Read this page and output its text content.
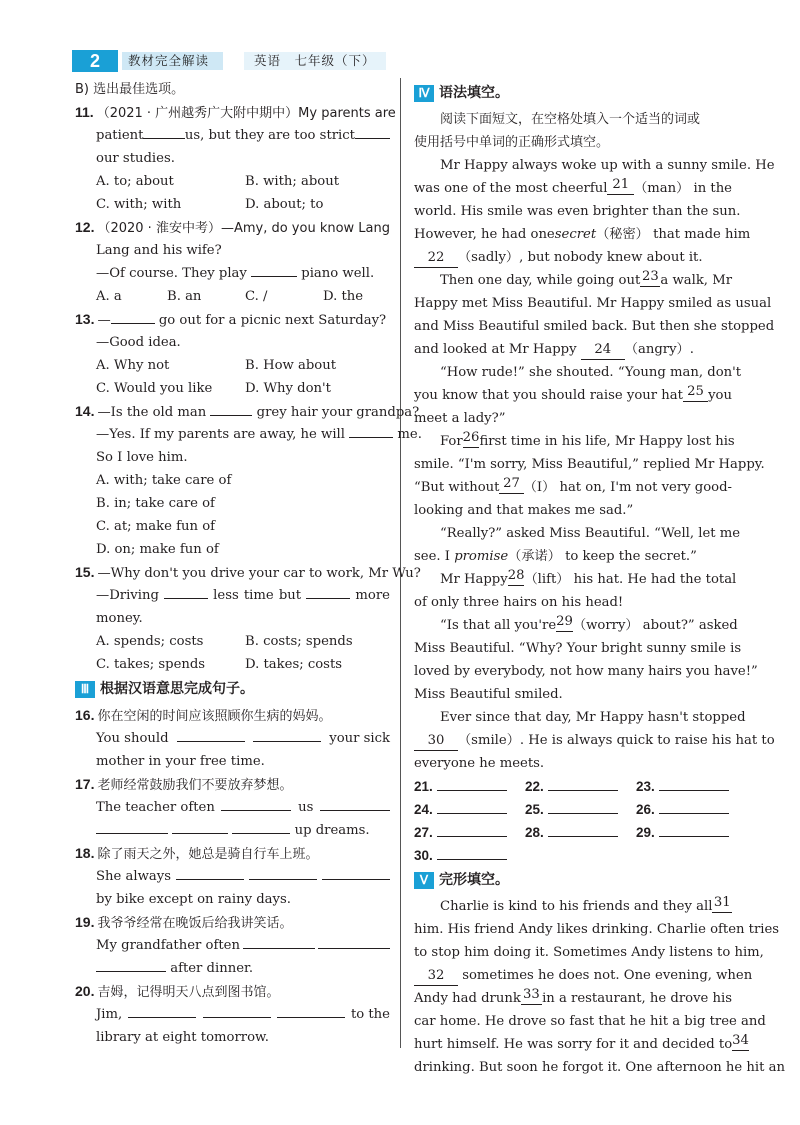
2	教材完全解读	英语　七年级（下）
B) 选出最佳选项。
11. （2021 · 广州越秀广大附中期中）My parents are
patient	us, but they are too strict
our studies.
A. to; about	B. with; about
C. with; with	D. about; to
12. （2020 · 淮安中考）—Amy, do you know Lang
Lang and his wife?
—Of course. They play	piano well.
A. a	B. an	C. /	D. the
13. —	go out for a picnic next Saturday?
—Good idea.
A. Why not	B. How about
C. Would you like D. Why don't
14. —Is the old man	grey hair your grandpa?
—Yes. If my parents are away, he will	me.
So I love him.
A. with; take care of
B. in; take care of
C. at; make fun of
D. on; make fun of
15. —Why don't you drive your car to work, Mr Wu?
—Driving	less time but	more
money.
A. spends; costs	B. costs; spends
C. takes; spends	D. takes; costs
Ⅲ 根据汉语意思完成句子。
16. 你在空闲的时间应该照顾你生病的妈妈。
You should	your sick
mother in your free time.
17. 老师经常鼓励我们不要放弃梦想。
The teacher often	us
up dreams.
18. 除了雨天之外，她总是骑自行车上班。
She always
by bike except on rainy days.
19. 我爷爷经常在晚饭后给我讲笑话。
My grandfather often
after dinner.
20. 吉姆，记得明天八点到图书馆。
Jim,	to the
library at eight tomorrow.
Ⅳ 语法填空。
阅读下面短文，在空格处填入一个适当的词或
使用括号中单词的正确形式填空。
Mr Happy always woke up with a sunny smile. He
was one of the most cheerful 21 （man） in the
world. His smile was even brighter than the sun.
However, he had one secret（秘密） that made him
22 （sadly）, but nobody knew about it.
Then one day, while going out 23 a walk, Mr
Happy met Miss Beautiful. Mr Happy smiled as usual
and Miss Beautiful smiled back. But then she stopped
and looked at Mr Happy 24 （angry）.
“How rude!” she shouted. “Young man, don't
you know that you should raise your hat 25 you
meet a lady?”
For 26 first time in his life, Mr Happy lost his
smile. “I'm sorry, Miss Beautiful,” replied Mr Happy.
“But without 27 （I） hat on, I'm not very good-
looking and that makes me sad.”
“Really?” asked Miss Beautiful. “Well, let me
see. I promise（承诺） to keep the secret.”
Mr Happy 28 （lift） his hat. He had the total
of only three hairs on his head!
“Is that all you're 29 （worry） about?” asked
Miss Beautiful. “Why? Your bright sunny smile is
loved by everybody, not how many hairs you have!”
Miss Beautiful smiled.
Ever since that day, Mr Happy hasn't stopped
30 （smile）. He is always quick to raise his hat to
everyone he meets.
21.	22.	23.
24.	25.	26.
27.	28.	29.
30.
Ⅴ 完形填空。
Charlie is kind to his friends and they all 31
him. His friend Andy likes drinking. Charlie often tries
to stop him doing it. Sometimes Andy listens to him,
32 sometimes he does not. One evening, when
Andy had drunk 33 in a restaurant, he drove his
car home. He drove so fast that he hit a big tree and
hurt himself. He was sorry for it and decided to 34
drinking. But soon he forgot it. One afternoon he hit an
